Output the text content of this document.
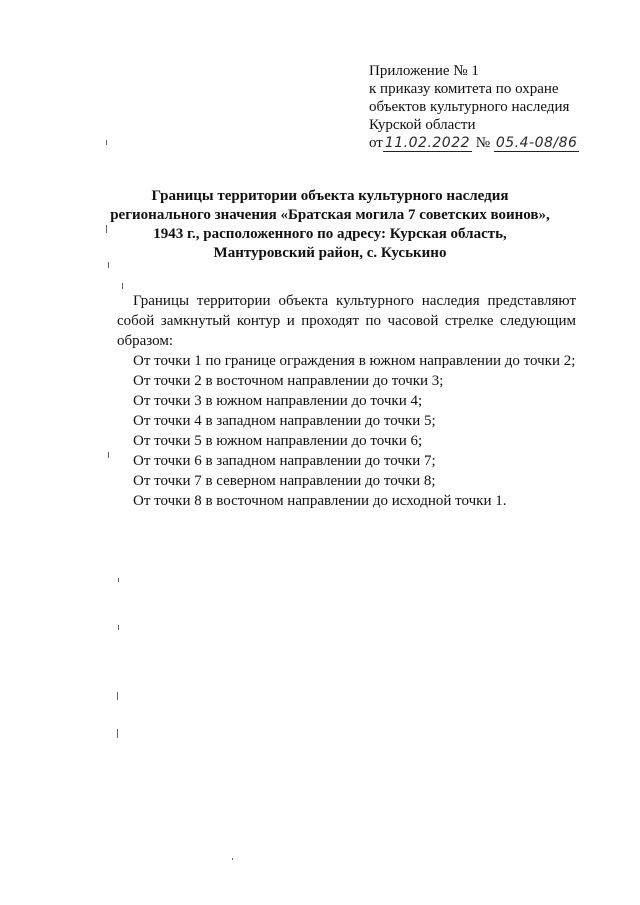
Приложение № 1
к приказу комитета по охране
объектов культурного наследия
Курской области
от 11.02.2022 № 05.4-08/86
Границы территории объекта культурного наследия
регионального значения «Братская могила 7 советских воинов»,
1943 г., расположенного по адресу: Курская область,
Мантуровский район, с. Куськино
Границы территории объекта культурного наследия представляют собой замкнутый контур и проходят по часовой стрелке следующим образом:
От точки 1 по границе ограждения в южном направлении до точки 2;
От точки 2 в восточном направлении до точки 3;
От точки 3 в южном направлении до точки 4;
От точки 4 в западном направлении до точки 5;
От точки 5 в южном направлении до точки 6;
От точки 6 в западном направлении до точки 7;
От точки 7 в северном направлении до точки 8;
От точки 8 в восточном направлении до исходной точки 1.
